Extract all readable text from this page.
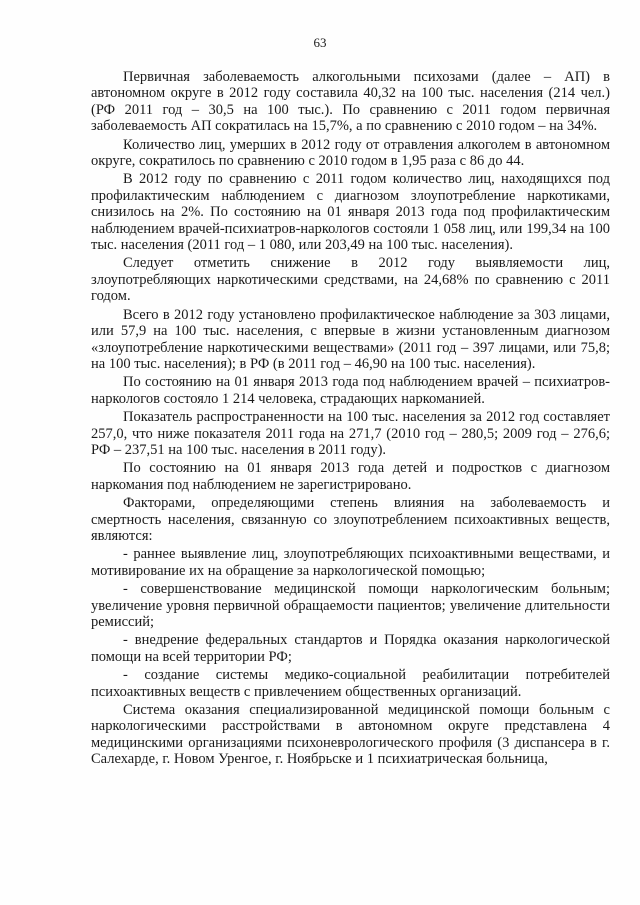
63

Первичная заболеваемость алкогольными психозами (далее – АП) в автономном округе в 2012 году составила 40,32 на 100 тыс. населения (214 чел.) (РФ 2011 год – 30,5 на 100 тыс.). По сравнению с 2011 годом первичная заболеваемость АП сократилась на 15,7%, а по сравнению с 2010 годом – на 34%.

Количество лиц, умерших в 2012 году от отравления алкоголем в автономном округе, сократилось по сравнению с 2010 годом в 1,95 раза с 86 до 44.

В 2012 году по сравнению с 2011 годом количество лиц, находящихся под профилактическим наблюдением с диагнозом злоупотребление наркотиками, снизилось на 2%. По состоянию на 01 января 2013 года под профилактическим наблюдением врачей-психиатров-наркологов состояли 1 058 лиц, или 199,34 на 100 тыс. населения (2011 год – 1 080, или 203,49 на 100 тыс. населения).

Следует отметить снижение в 2012 году выявляемости лиц, злоупотребляющих наркотическими средствами, на 24,68% по сравнению с 2011 годом.

Всего в 2012 году установлено профилактическое наблюдение за 303 лицами, или 57,9 на 100 тыс. населения, с впервые в жизни установленным диагнозом «злоупотребление наркотическими веществами» (2011 год – 397 лицами, или 75,8; на 100 тыс. населения); в РФ (в 2011 год – 46,90 на 100 тыс. населения).

По состоянию на 01 января 2013 года под наблюдением врачей – психиатров-наркологов состояло 1 214 человека, страдающих наркоманией.

Показатель распространенности на 100 тыс. населения за 2012 год составляет 257,0, что ниже показателя 2011 года на 271,7 (2010 год – 280,5; 2009 год – 276,6; РФ – 237,51 на 100 тыс. населения в 2011 году).

По состоянию на 01 января 2013 года детей и подростков с диагнозом наркомания под наблюдением не зарегистрировано.

Факторами, определяющими степень влияния на заболеваемость и смертность населения, связанную со злоупотреблением психоактивных веществ, являются:

- раннее выявление лиц, злоупотребляющих психоактивными веществами, и мотивирование их на обращение за наркологической помощью;

- совершенствование медицинской помощи наркологическим больным; увеличение уровня первичной обращаемости пациентов; увеличение длительности ремиссий;

- внедрение федеральных стандартов и Порядка оказания наркологической помощи на всей территории РФ;

- создание системы медико-социальной реабилитации потребителей психоактивных веществ с привлечением общественных организаций.

Система оказания специализированной медицинской помощи больным с наркологическими расстройствами в автономном округе представлена 4 медицинскими организациями психоневрологического профиля (3 диспансера в г. Салехарде, г. Новом Уренгое, г. Ноябрьске и 1 психиатрическая больница,
